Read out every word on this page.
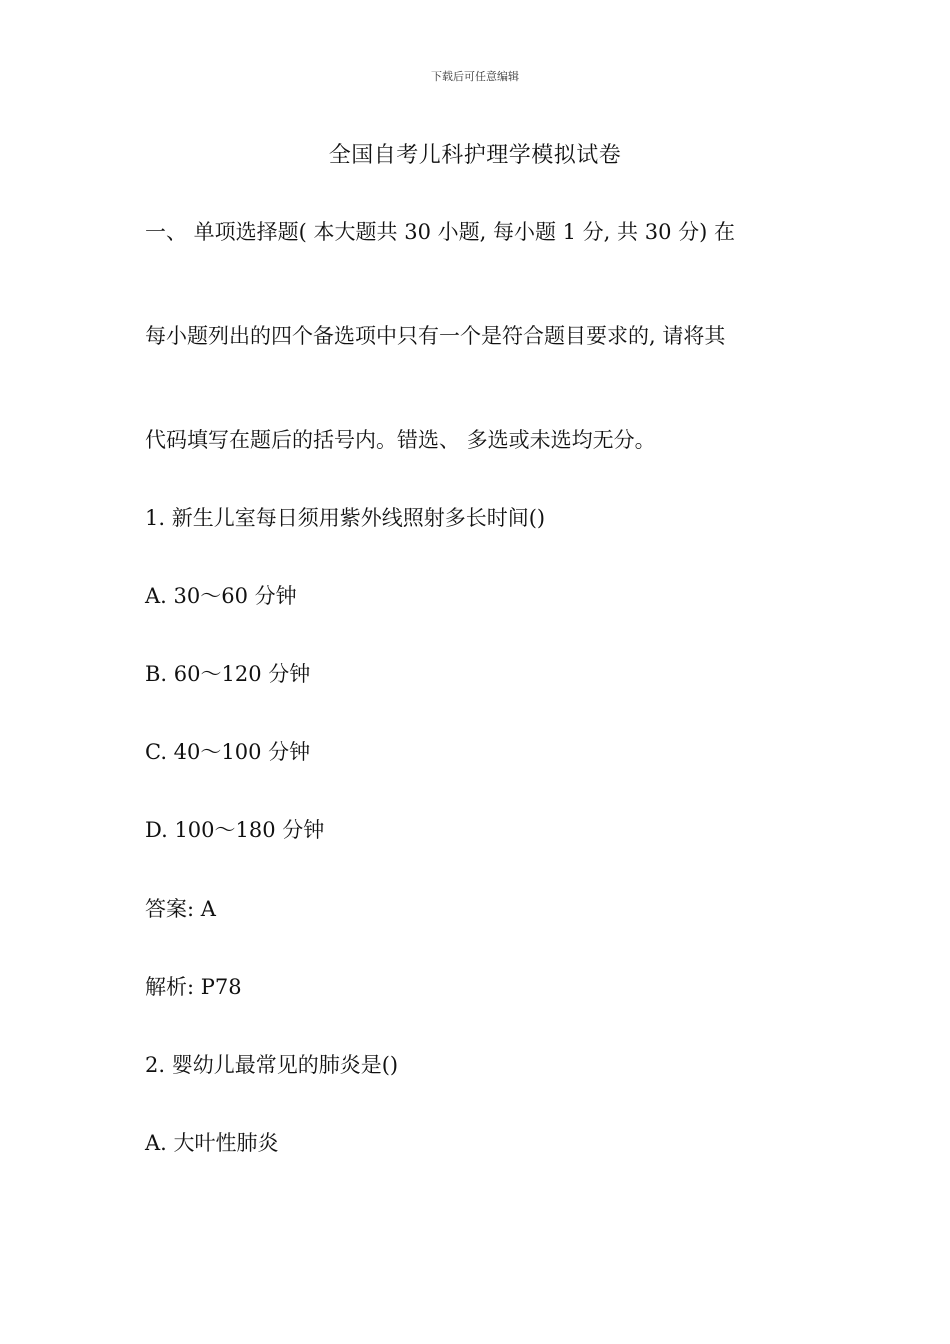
下载后可任意编辑
全国自考儿科护理学模拟试卷
一、 单项选择题( 本大题共 30 小题, 每小题 1 分, 共 30 分) 在
每小题列出的四个备选项中只有一个是符合题目要求的, 请将其
代码填写在题后的括号内。错选、 多选或未选均无分。
1. 新生儿室每日须用紫外线照射多长时间()
A. 30～60 分钟
B. 60～120 分钟
C. 40～100 分钟
D. 100～180 分钟
答案: A
解析: P78
2. 婴幼儿最常见的肺炎是()
A. 大叶性肺炎
